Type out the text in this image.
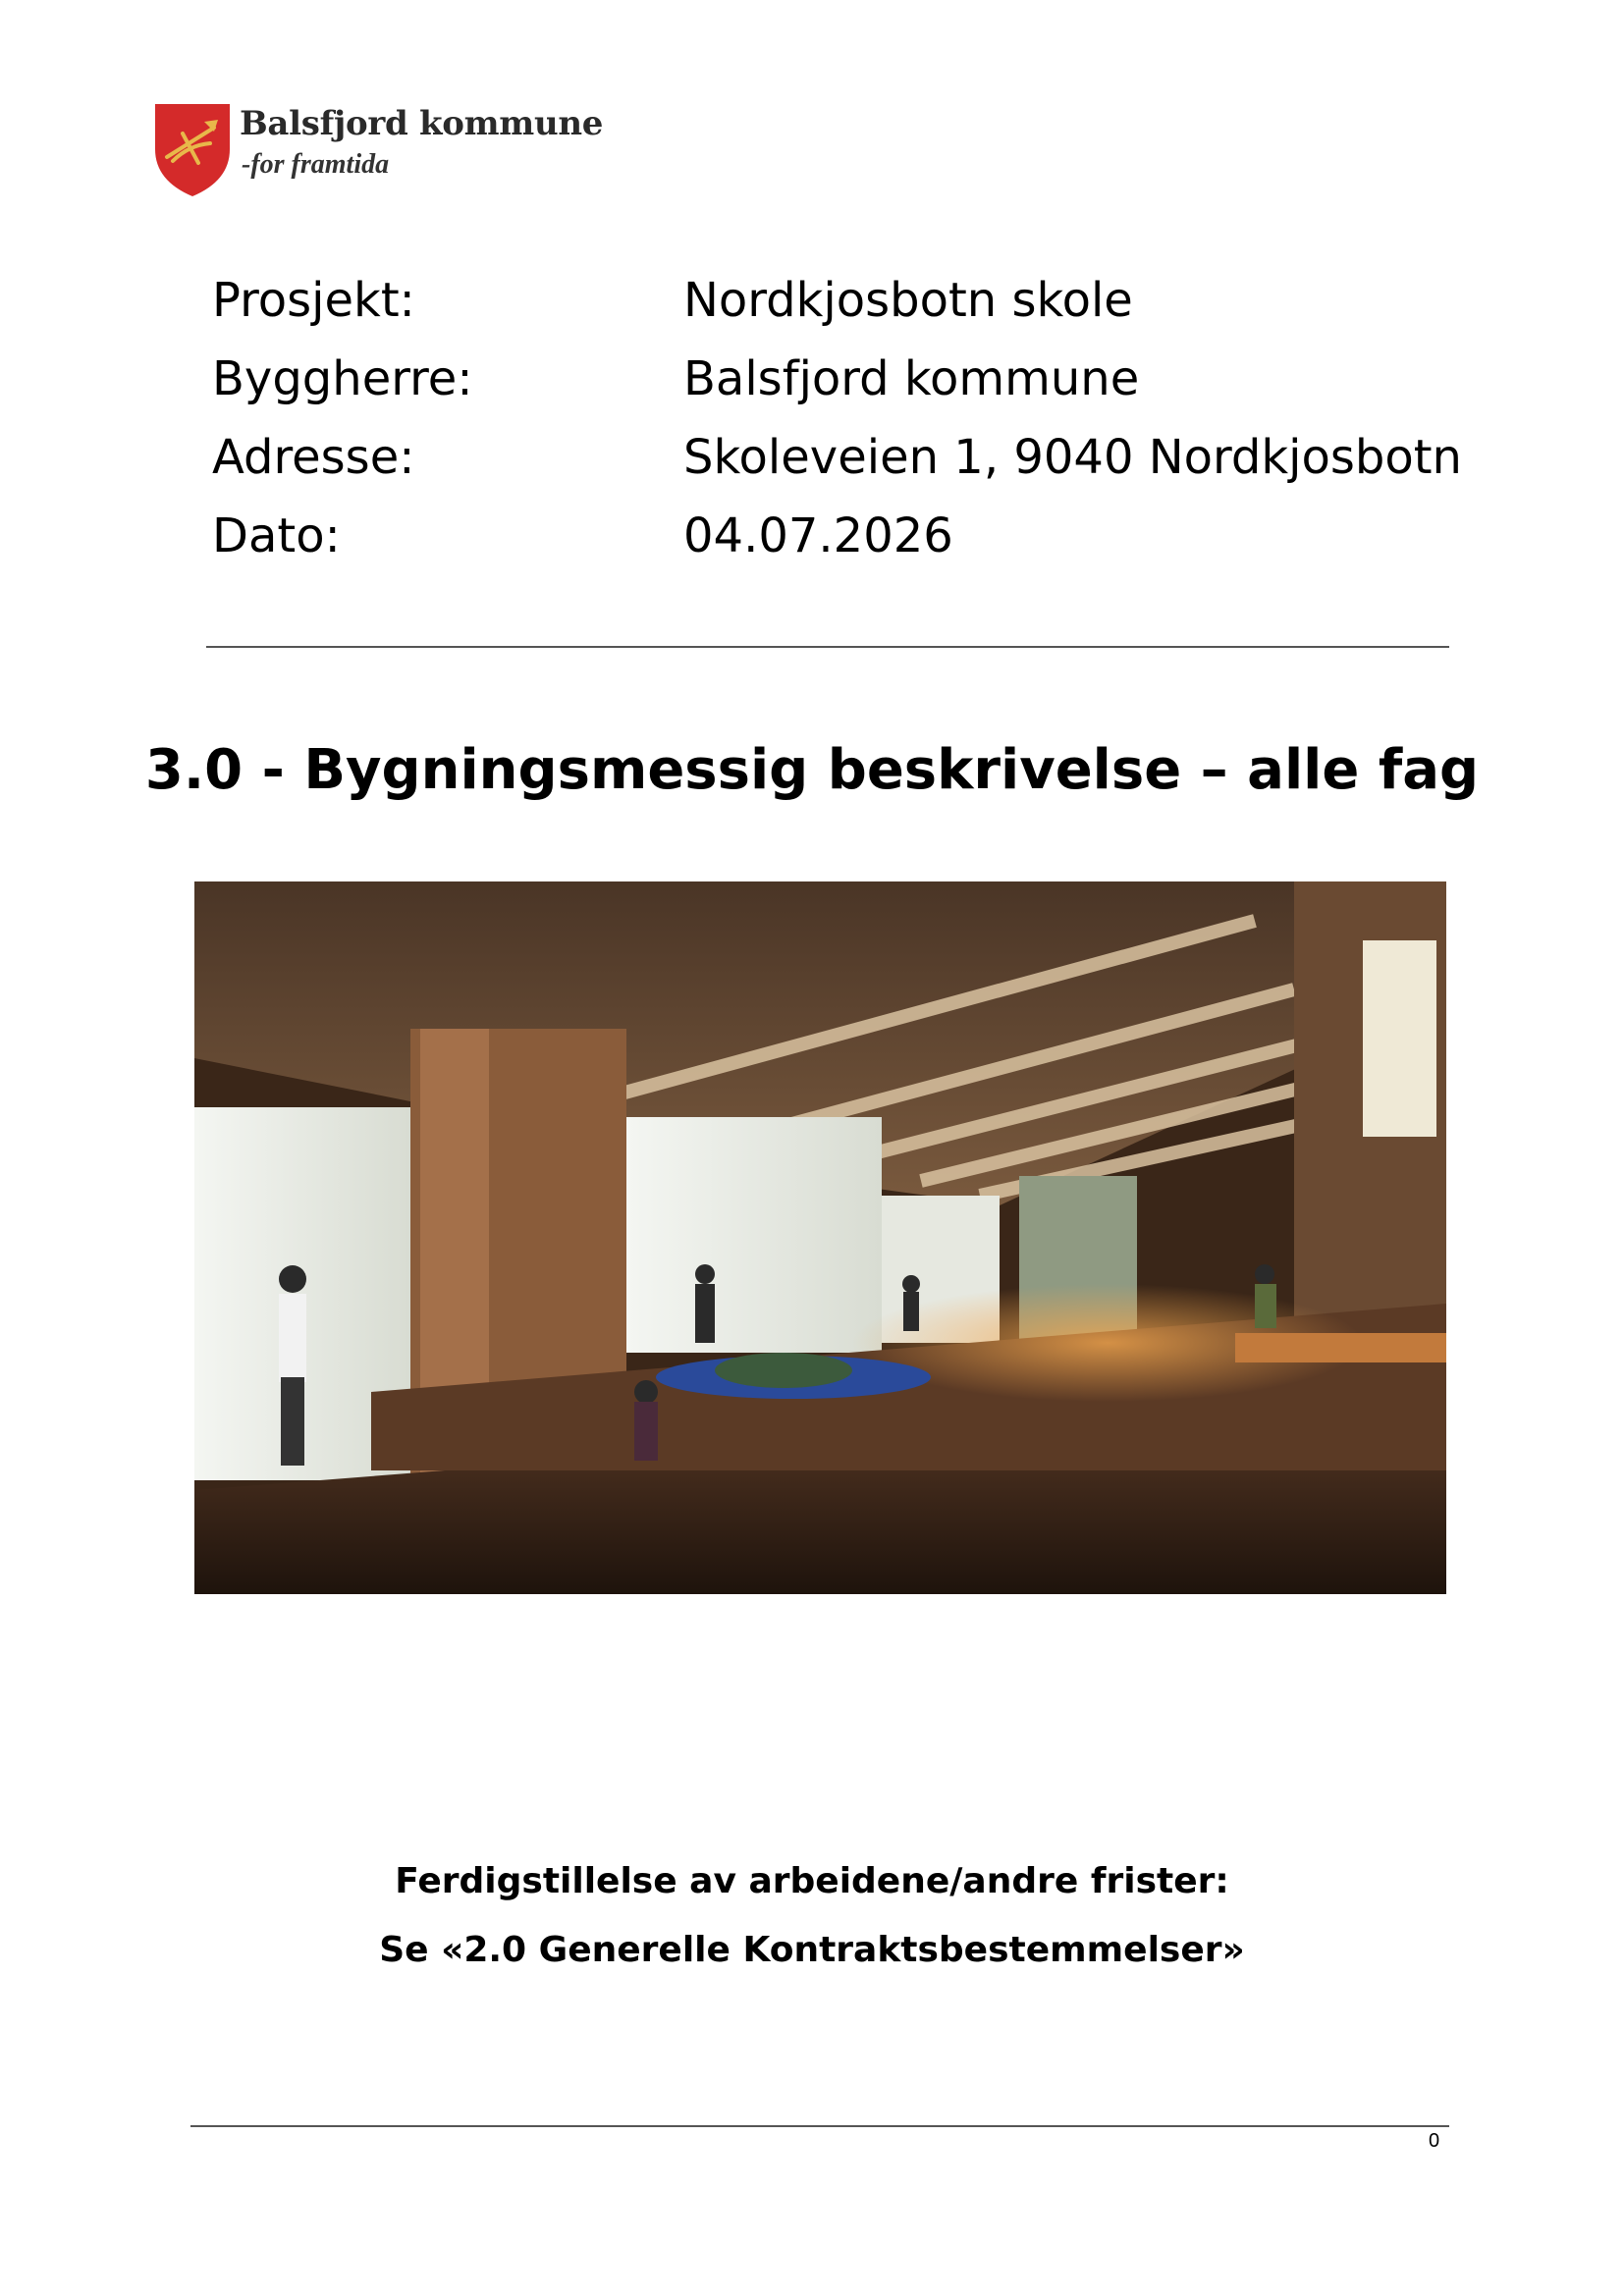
Balsfjord kommune
-for framtida
Prosjekt:	Nordkjosbotn skole
Byggherre:	Balsfjord kommune
Adresse:	Skoleveien 1, 9040 Nordkjosbotn
Dato:	04.07.2026
3.0 - Bygningsmessig beskrivelse – alle fag
Ferdigstillelse av arbeidene/andre frister:
Se «2.0 Generelle Kontraktsbestemmelser»
0
